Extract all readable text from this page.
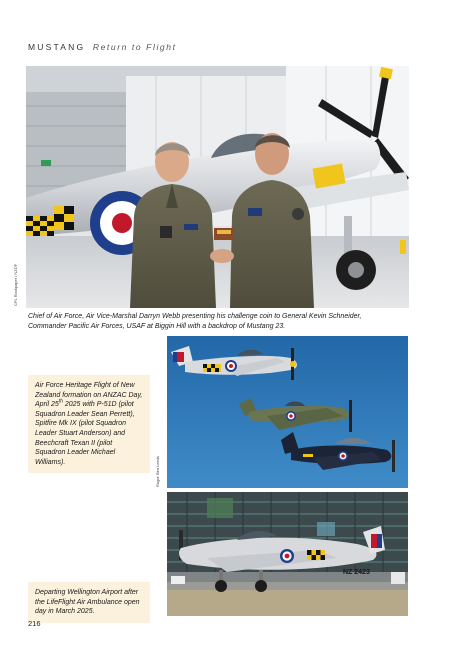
MUSTANG Return to Flight
CPL Rockpaper / NZDF
Chief of Air Force, Air Vice-Marshal Darryn Webb presenting his challenge coin to General Kevin Schneider, Commander Pacific Air Forces, USAF at Biggin Hill with a backdrop of Mustang 23.
Rugor Bint Leeds
Air Force Heritage Flight of New Zealand formation on ANZAC Day, April 25th 2025 with P-51D (pilot Squadron Leader Sean Perrett), Spitfire Mk IX (pilot Squadron Leader Stuart Anderson) and Beechcraft Texan II (pilot Squadron Leader Michael Williams).
NZ 2423
Departing Wellington Airport after the LifeFlight Air Ambulance open day in March 2025.
216
